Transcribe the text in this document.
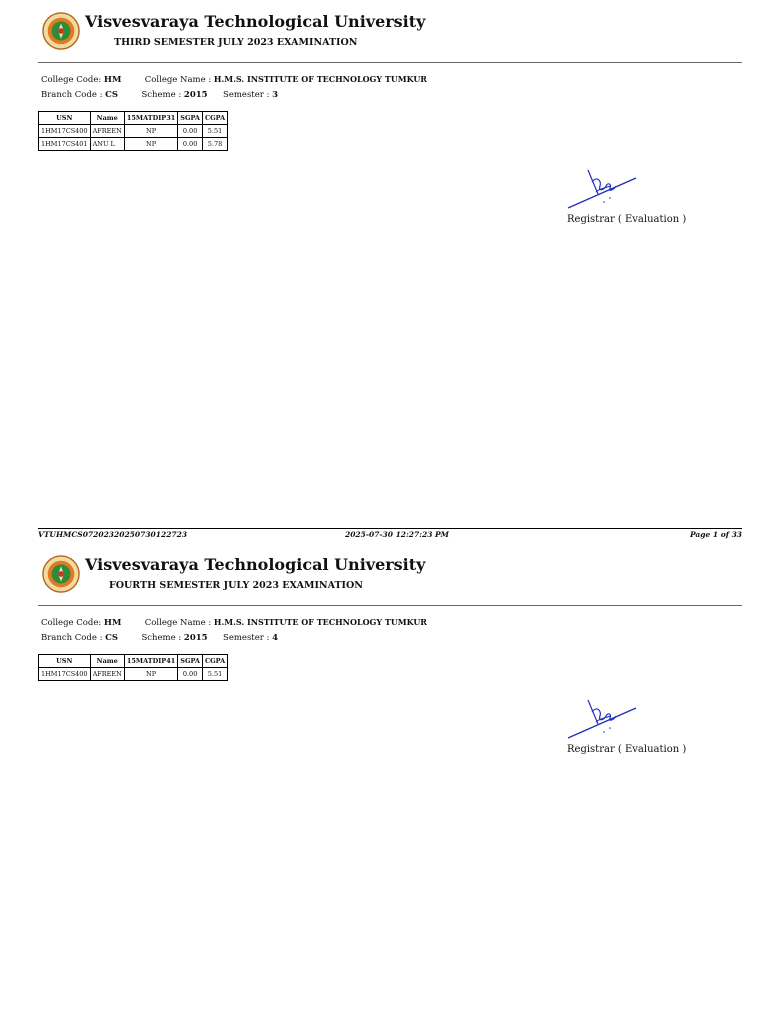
Visvesvaraya Technological University
THIRD SEMESTER JULY 2023 EXAMINATION
College Code: HM	College Name : H.M.S. INSTITUTE OF TECHNOLOGY TUMKUR
Branch Code : CS	Scheme : 2015 Semester : 3
USN	Name	15MATDIP31	SGPA	CGPA
1HM17CS400	AFREEN	NP	0.00	5.51
1HM17CS401	ANU L	NP	0.00	5.78
Registrar ( Evaluation )
VTUHMCS07202320250730122723	2025-07-30 12:27:23 PM	Page 1 of 33
Visvesvaraya Technological University
FOURTH SEMESTER JULY 2023 EXAMINATION
College Code: HM	College Name : H.M.S. INSTITUTE OF TECHNOLOGY TUMKUR
Branch Code : CS	Scheme : 2015 Semester : 4
USN	Name	15MATDIP41	SGPA	CGPA
1HM17CS400	AFREEN	NP	0.00	5.51
Registrar ( Evaluation )
